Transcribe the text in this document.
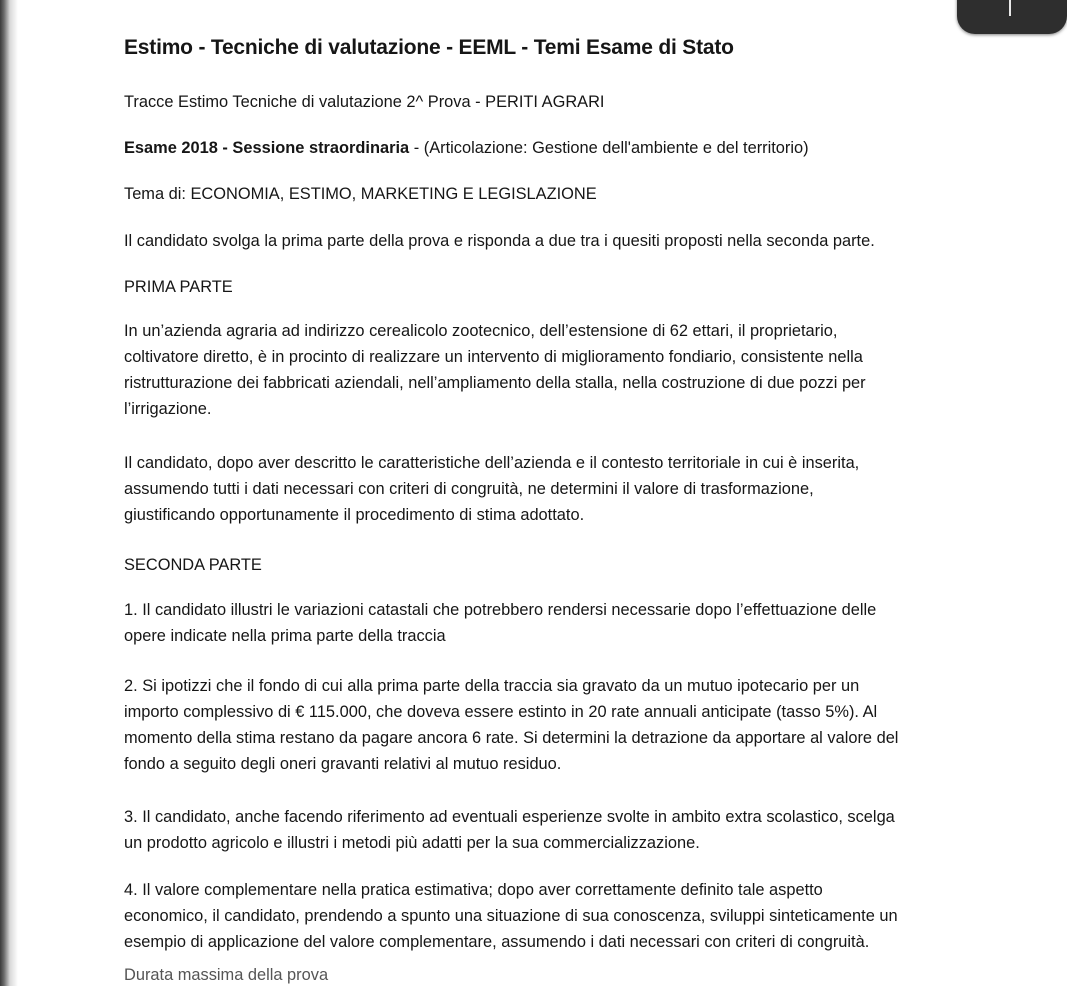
Estimo - Tecniche di valutazione - EEML - Temi Esame di Stato
Tracce Estimo Tecniche di valutazione 2^ Prova - PERITI AGRARI
Esame 2018 - Sessione straordinaria - (Articolazione: Gestione dell'ambiente e del territorio)
Tema di: ECONOMIA, ESTIMO, MARKETING E LEGISLAZIONE
Il candidato svolga la prima parte della prova e risponda a due tra i quesiti proposti nella seconda parte.
PRIMA PARTE
In un’azienda agraria ad indirizzo cerealicolo zootecnico, dell’estensione di 62 ettari, il proprietario,
coltivatore diretto, è in procinto di realizzare un intervento di miglioramento fondiario, consistente nella
ristrutturazione dei fabbricati aziendali, nell’ampliamento della stalla, nella costruzione di due pozzi per
l’irrigazione.
Il candidato, dopo aver descritto le caratteristiche dell’azienda e il contesto territoriale in cui è inserita,
assumendo tutti i dati necessari con criteri di congruità, ne determini il valore di trasformazione,
giustificando opportunamente il procedimento di stima adottato.
SECONDA PARTE
1. Il candidato illustri le variazioni catastali che potrebbero rendersi necessarie dopo l’effettuazione delle
opere indicate nella prima parte della traccia
2. Si ipotizzi che il fondo di cui alla prima parte della traccia sia gravato da un mutuo ipotecario per un
importo complessivo di € 115.000, che doveva essere estinto in 20 rate annuali anticipate (tasso 5%). Al
momento della stima restano da pagare ancora 6 rate. Si determini la detrazione da apportare al valore del
fondo a seguito degli oneri gravanti relativi al mutuo residuo.
3. Il candidato, anche facendo riferimento ad eventuali esperienze svolte in ambito extra scolastico, scelga
un prodotto agricolo e illustri i metodi più adatti per la sua commercializzazione.
4. Il valore complementare nella pratica estimativa; dopo aver correttamente definito tale aspetto
economico, il candidato, prendendo a spunto una situazione di sua conoscenza, sviluppi sinteticamente un
esempio di applicazione del valore complementare, assumendo i dati necessari con criteri di congruità.
Durata massima della prova
